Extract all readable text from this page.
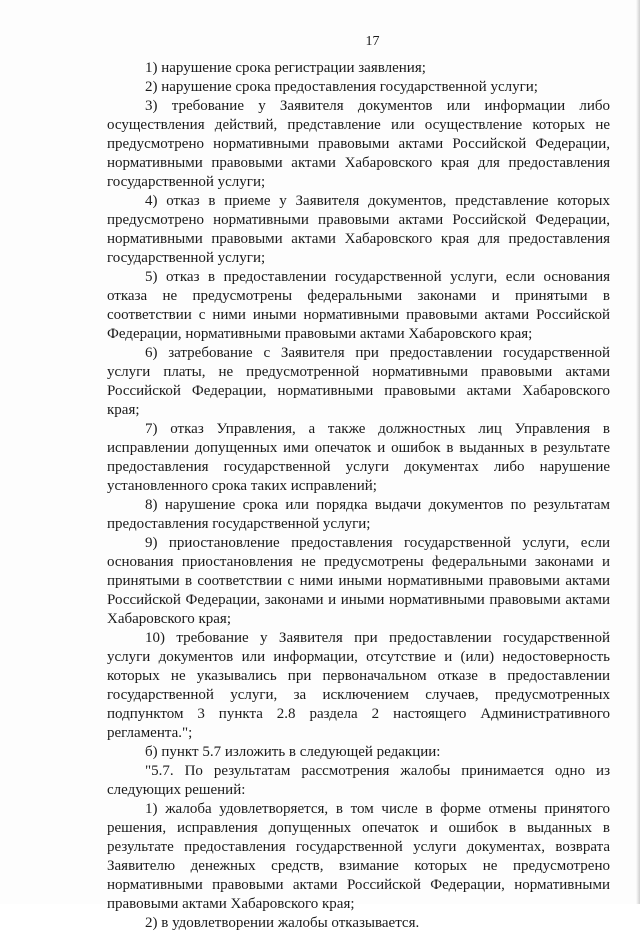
17

1) нарушение срока регистрации заявления;

2) нарушение срока предоставления государственной услуги;

3) требование у Заявителя документов или информации либо осуществления действий, представление или осуществление которых не предусмотрено нормативными правовыми актами Российской Федерации, нормативными правовыми актами Хабаровского края для предоставления государственной услуги;

4) отказ в приеме у Заявителя документов, представление которых предусмотрено нормативными правовыми актами Российской Федерации, нормативными правовыми актами Хабаровского края для предоставления государственной услуги;

5) отказ в предоставлении государственной услуги, если основания отказа не предусмотрены федеральными законами и принятыми в соответствии с ними иными нормативными правовыми актами Российской Федерации, нормативными правовыми актами Хабаровского края;

6) затребование с Заявителя при предоставлении государственной услуги платы, не предусмотренной нормативными правовыми актами Российской Федерации, нормативными правовыми актами Хабаровского края;

7) отказ Управления, а также должностных лиц Управления в исправлении допущенных ими опечаток и ошибок в выданных в результате предоставления государственной услуги документах либо нарушение установленного срока таких исправлений;

8) нарушение срока или порядка выдачи документов по результатам предоставления государственной услуги;

9) приостановление предоставления государственной услуги, если основания приостановления не предусмотрены федеральными законами и принятыми в соответствии с ними иными нормативными правовыми актами Российской Федерации, законами и иными нормативными правовыми актами Хабаровского края;

10) требование у Заявителя при предоставлении государственной услуги документов или информации, отсутствие и (или) недостоверность которых не указывались при первоначальном отказе в предоставлении государственной услуги, за исключением случаев, предусмотренных подпунктом 3 пункта 2.8 раздела 2 настоящего Административного регламента.";

б) пункт 5.7 изложить в следующей редакции:

"5.7. По результатам рассмотрения жалобы принимается одно из следующих решений:

1) жалоба удовлетворяется, в том числе в форме отмены принятого решения, исправления допущенных опечаток и ошибок в выданных в результате предоставления государственной услуги документах, возврата Заявителю денежных средств, взимание которых не предусмотрено нормативными правовыми актами Российской Федерации, нормативными правовыми актами Хабаровского края;

2) в удовлетворении жалобы отказывается.
